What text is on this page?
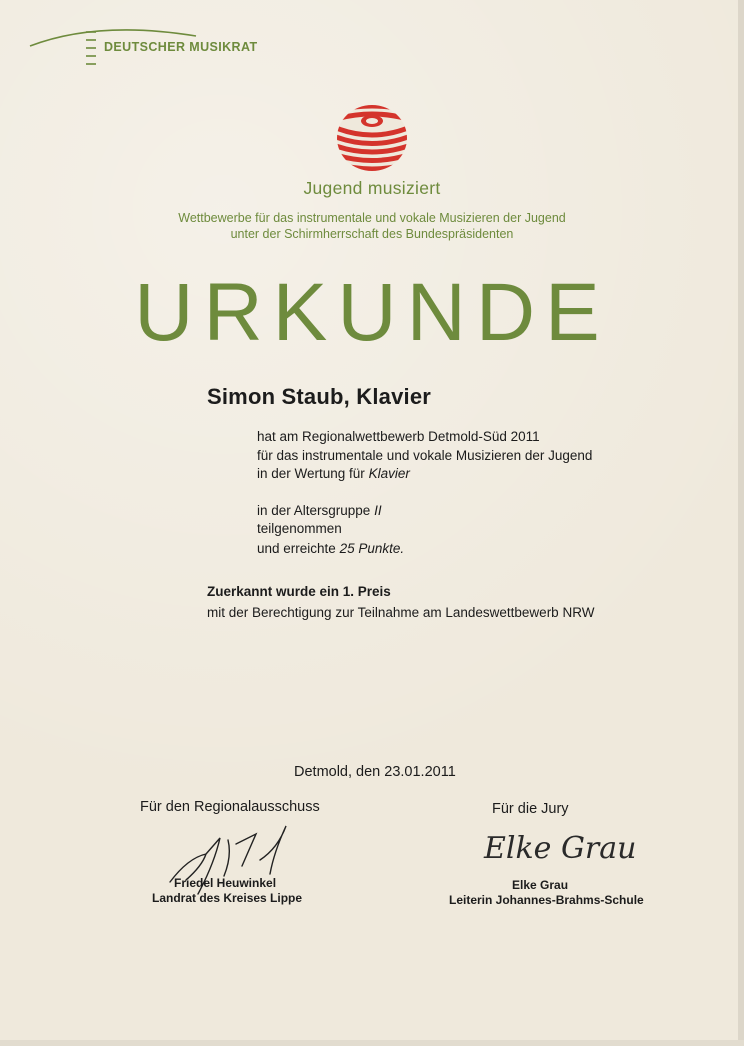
DEUTSCHER MUSIKRAT
Jugend musiziert
Wettbewerbe für das instrumentale und vokale Musizieren der Jugend
unter der Schirmherrschaft des Bundespräsidenten
URKUNDE
Simon Staub, Klavier
hat am Regionalwettbewerb Detmold-Süd 2011
für das instrumentale und vokale Musizieren der Jugend
in der Wertung für Klavier
in der Altersgruppe II
teilgenommen
und erreichte 25 Punkte.
Zuerkannt wurde ein 1. Preis
mit der Berechtigung zur Teilnahme am Landeswettbewerb NRW
Detmold, den 23.01.2011
Für den Regionalausschuss	Für die Jury
Elke Grau
Friedel Heuwinkel
Landrat des Kreises Lippe
Elke Grau
Leiterin Johannes-Brahms-Schule
